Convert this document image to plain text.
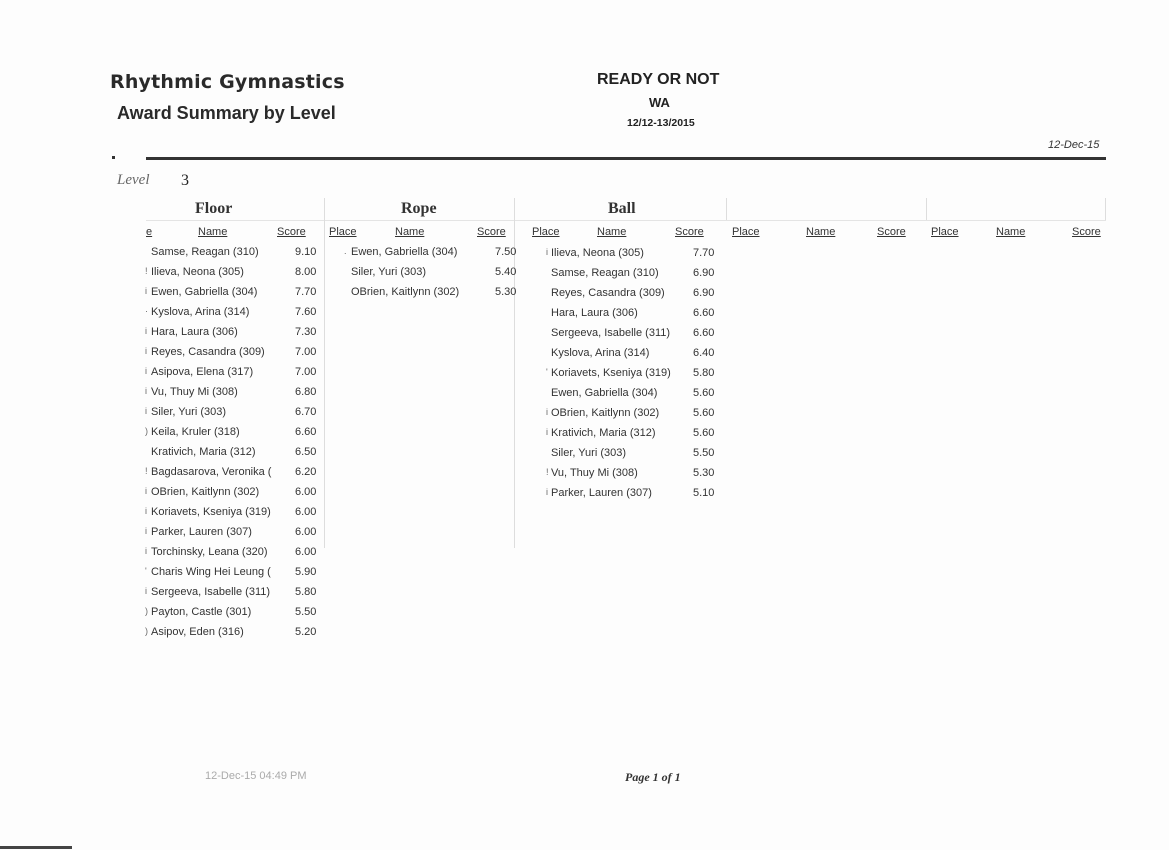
Rhythmic Gymnastics
Award Summary by Level
READY OR NOT
WA
12/12-13/2015
12-Dec-15
Level 3
Floor	Rope	Ball
e	Name	Score Place	Name	Score Place	Name	Score	Place	Name	Score Place	Name	Score
Samse, Reagan (310)	9.10
! Ilieva, Neona (305)	8.00
i Ewen, Gabriella (304)	7.70
· Kyslova, Arina (314)	7.60
i Hara, Laura (306)	7.30
i Reyes, Casandra (309)	7.00
i Asipova, Elena (317)	7.00
i Vu, Thuy Mi (308)	6.80
i Siler, Yuri (303)	6.70
) Keila, Kruler (318)	6.60
Krativich, Maria (312)	6.50
! Bagdasarova, Veronika ( 6.20
i OBrien, Kaitlynn (302)	6.00
i Koriavets, Kseniya (319) 6.00
i Parker, Lauren (307)	6.00
i Torchinsky, Leana (320) 6.00
' Charis Wing Hei Leung ( 5.90
i Sergeeva, Isabelle (311) 5.80
) Payton, Castle (301)	5.50
) Asipov, Eden (316)	5.20
. Ewen, Gabriella (304)	7.50
Siler, Yuri (303)	5.40
OBrien, Kaitlynn (302)	5.30
i Ilieva, Neona (305)	7.70
Samse, Reagan (310)	6.90
Reyes, Casandra (309)	6.90
Hara, Laura (306)	6.60
Sergeeva, Isabelle (311) 6.60
Kyslova, Arina (314)	6.40
' Koriavets, Kseniya (319) 5.80
Ewen, Gabriella (304)	5.60
i OBrien, Kaitlynn (302)	5.60
i Krativich, Maria (312)	5.60
Siler, Yuri (303)	5.50
! Vu, Thuy Mi (308)	5.30
i Parker, Lauren (307)	5.10
12-Dec-15 04:49 PM	Page 1 of 1
